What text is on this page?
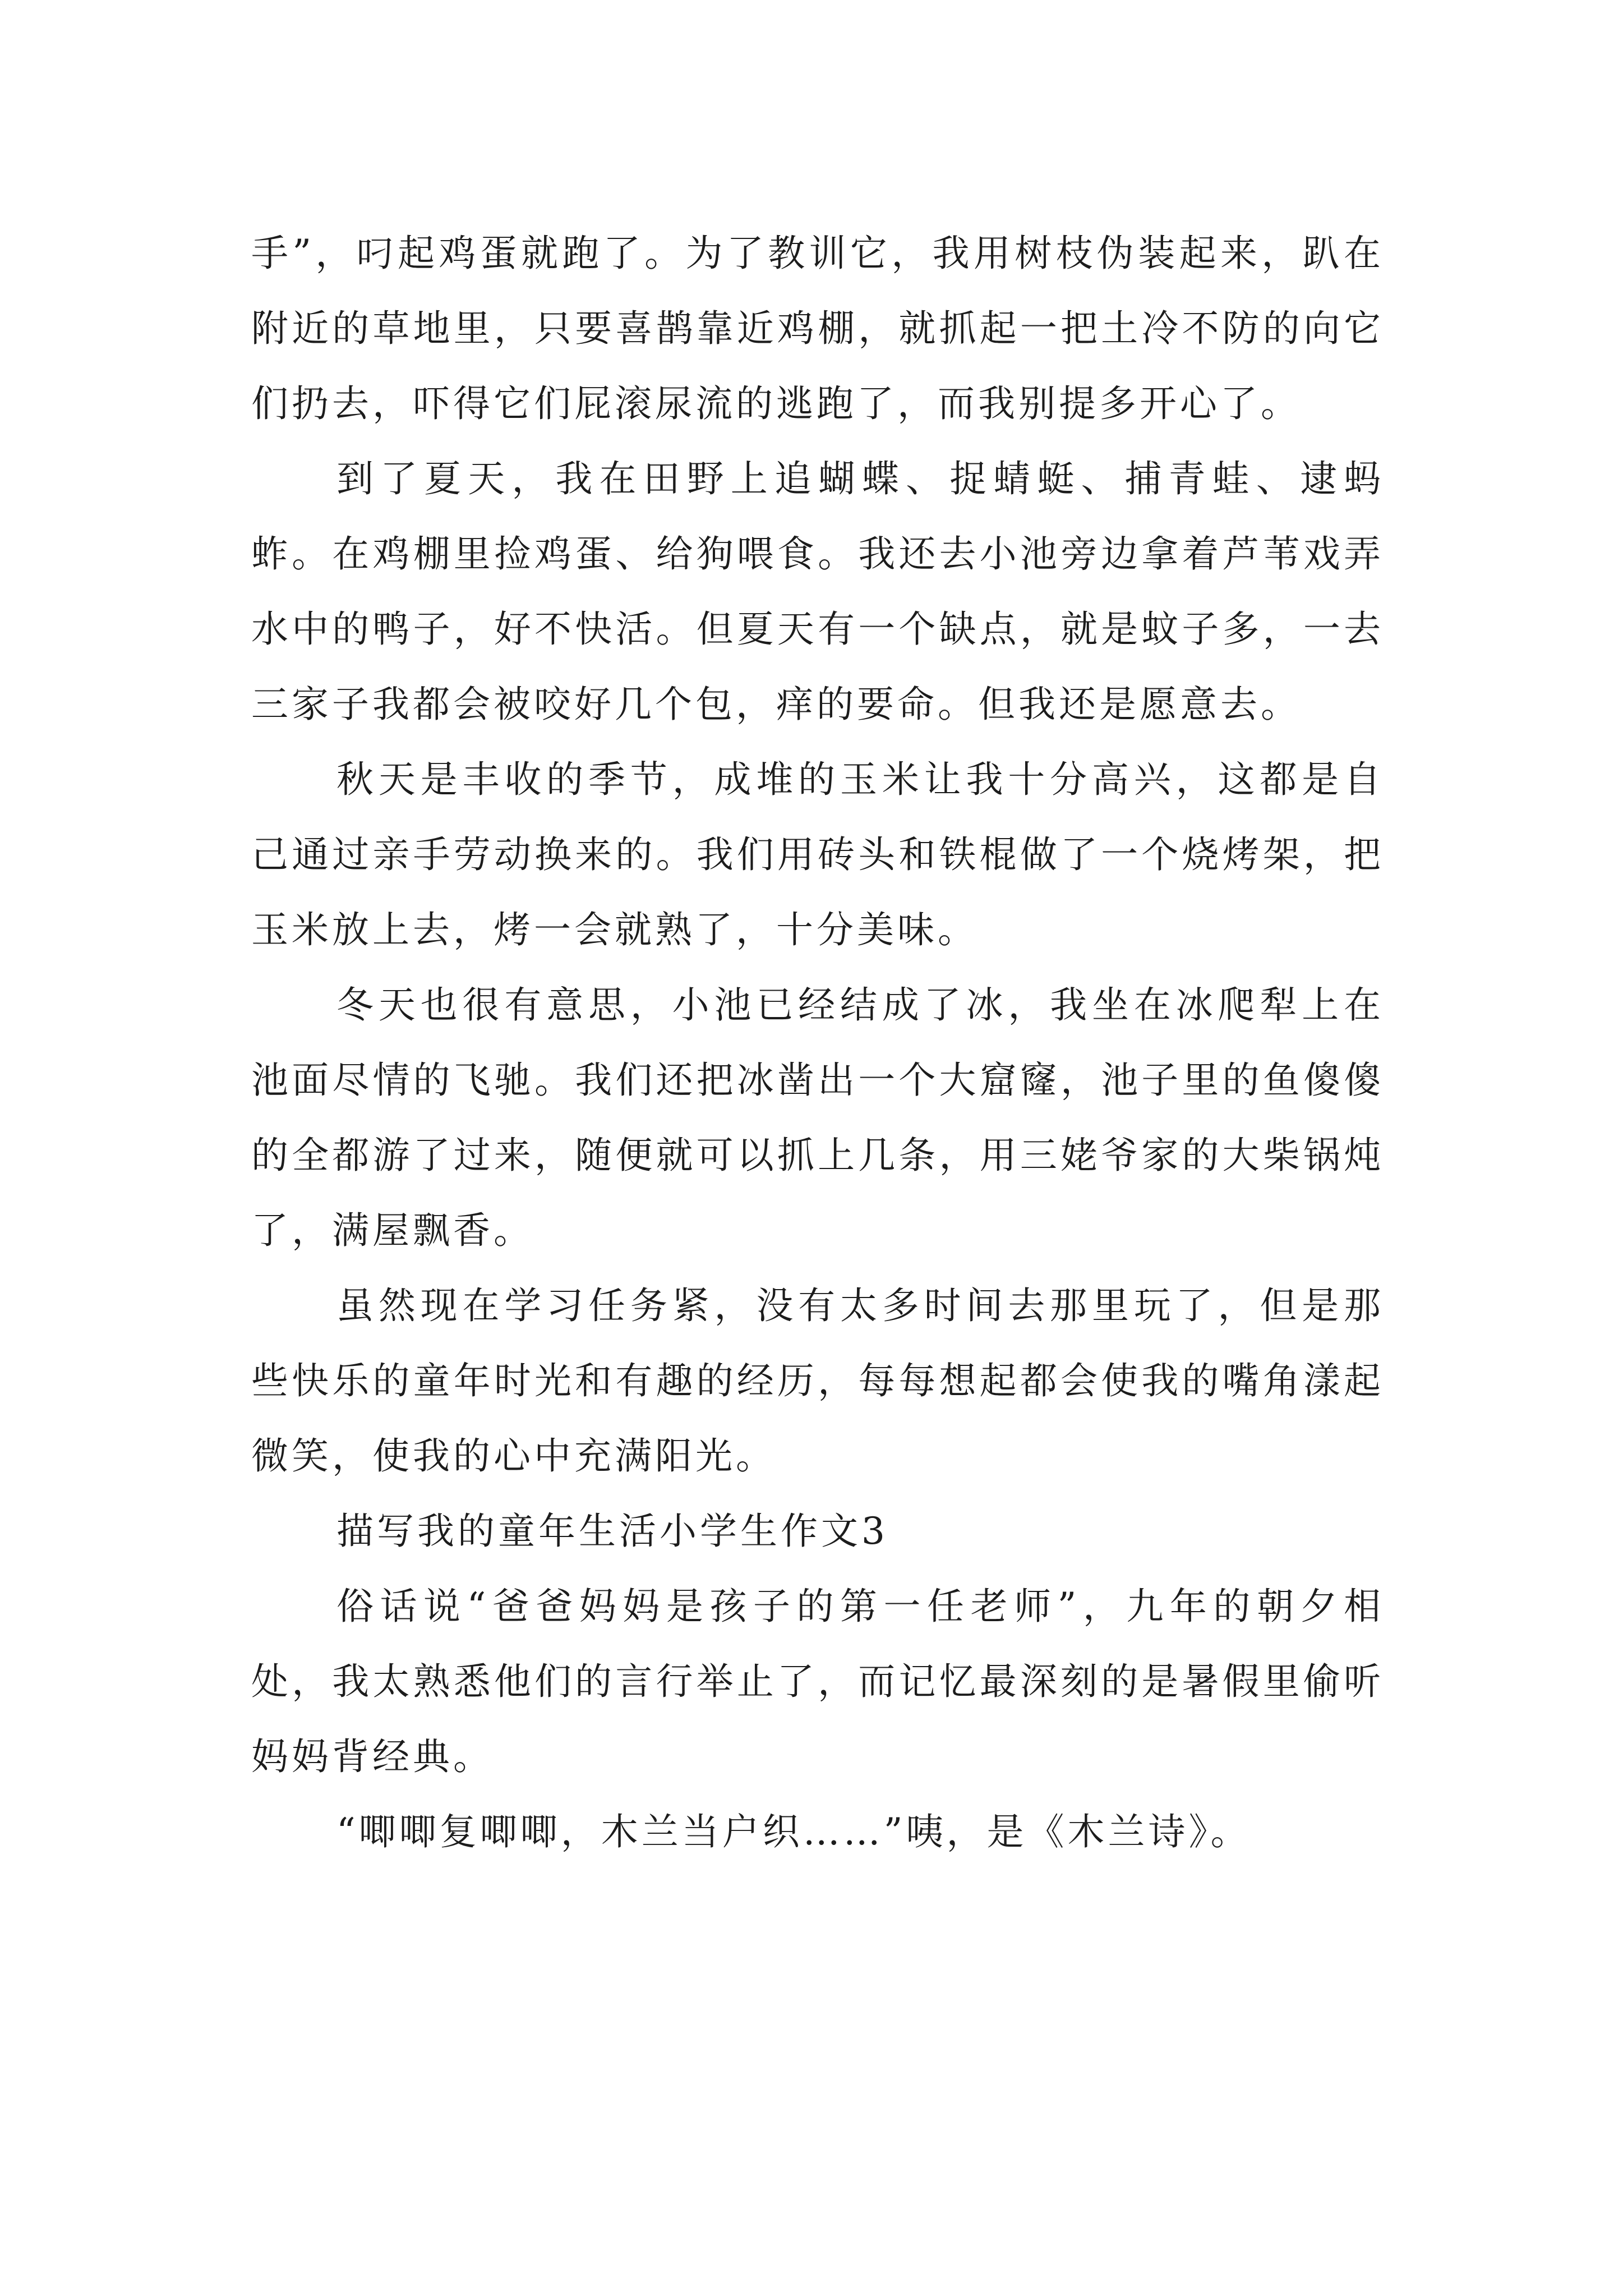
手”，叼起鸡蛋就跑了。为了教训它，我用树枝伪装起来，趴在附近的草地里，只要喜鹊靠近鸡棚，就抓起一把土冷不防的向它们扔去，吓得它们屁滚尿流的逃跑了，而我别提多开心了。

到了夏天，我在田野上追蝴蝶、捉蜻蜓、捕青蛙、逮蚂蚱。在鸡棚里捡鸡蛋、给狗喂食。我还去小池旁边拿着芦苇戏弄水中的鸭子，好不快活。但夏天有一个缺点，就是蚊子多，一去三家子我都会被咬好几个包，痒的要命。但我还是愿意去。

秋天是丰收的季节，成堆的玉米让我十分高兴，这都是自己通过亲手劳动换来的。我们用砖头和铁棍做了一个烧烤架，把玉米放上去，烤一会就熟了，十分美味。

冬天也很有意思，小池已经结成了冰，我坐在冰爬犁上在池面尽情的飞驰。我们还把冰凿出一个大窟窿，池子里的鱼傻傻的全都游了过来，随便就可以抓上几条，用三姥爷家的大柴锅炖了，满屋飘香。

虽然现在学习任务紧，没有太多时间去那里玩了，但是那些快乐的童年时光和有趣的经历，每每想起都会使我的嘴角漾起微笑，使我的心中充满阳光。

描写我的童年生活小学生作文3

俗话说“爸爸妈妈是孩子的第一任老师”，九年的朝夕相处，我太熟悉他们的言行举止了，而记忆最深刻的是暑假里偷听妈妈背经典。

“唧唧复唧唧，木兰当户织……”咦，是《木兰诗》。
